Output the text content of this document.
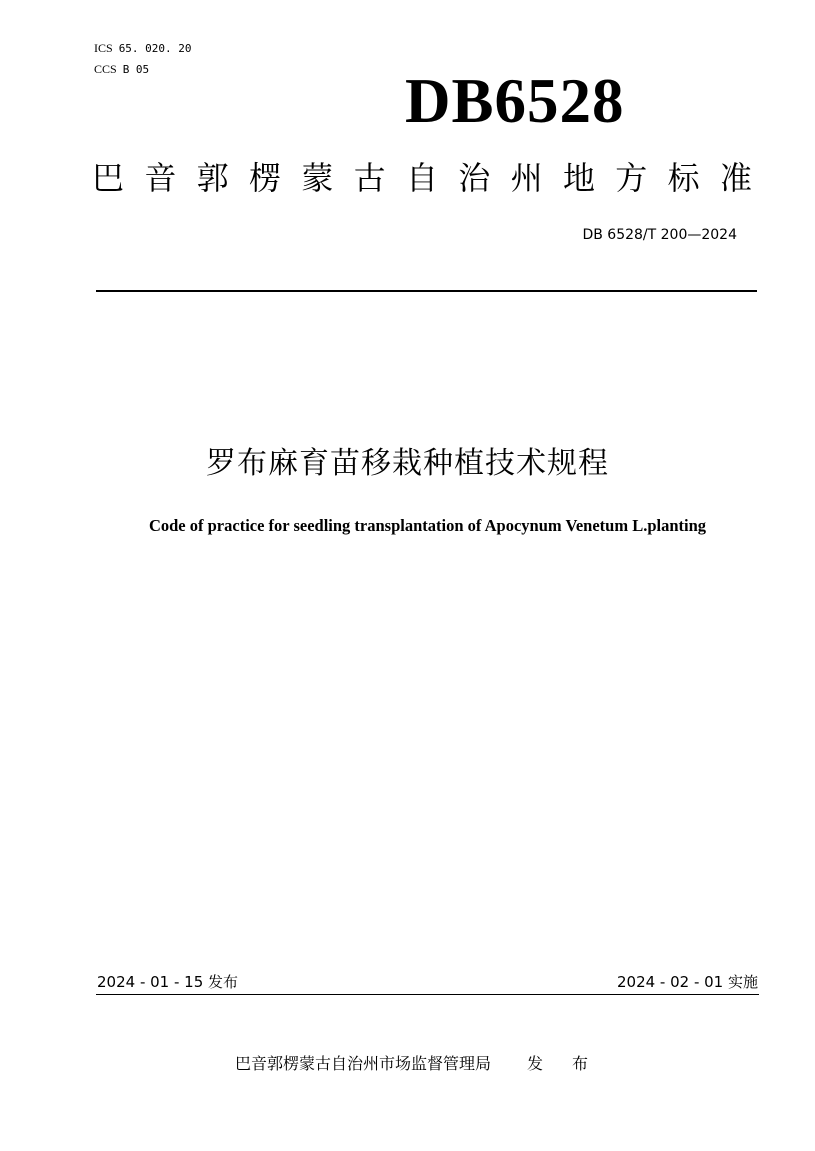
ICS 65. 020. 20
CCS B 05	DB6528
巴 音 郭 楞 蒙 古 自 治 州 地 方 标 准
DB 6528/T 200—2024
罗布麻育苗移栽种植技术规程
Code of practice for seedling transplantation of Apocynum Venetum L.planting
2024 - 01 - 15 发布	2024 - 02 - 01 实施
巴音郭楞蒙古自治州市场监督管理局 发 布
